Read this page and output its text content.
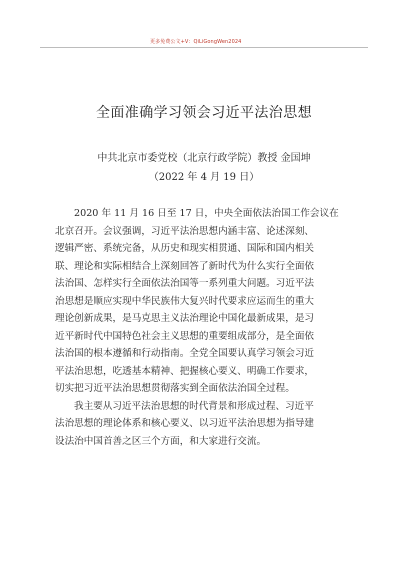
更多免费公文+V：QiLiGongWen2024
全面准确学习领会习近平法治思想
中共北京市委党校（北京行政学院）教授 金国坤
（2022 年 4 月 19 日）
2020 年 11 月 16 日至 17 日，中央全面依法治国工作会议在
北京召开。会议强调，习近平法治思想内涵丰富、论述深刻、
逻辑严密、系统完备，从历史和现实相贯通、国际和国内相关
联、理论和实际相结合上深刻回答了新时代为什么实行全面依
法治国、怎样实行全面依法治国等一系列重大问题。习近平法
治思想是顺应实现中华民族伟大复兴时代要求应运而生的重大
理论创新成果，是马克思主义法治理论中国化最新成果，是习
近平新时代中国特色社会主义思想的重要组成部分，是全面依
法治国的根本遵循和行动指南。全党全国要认真学习领会习近
平法治思想，吃透基本精神、把握核心要义、明确工作要求，
切实把习近平法治思想贯彻落实到全面依法治国全过程。
我主要从习近平法治思想的时代背景和形成过程、习近平
法治思想的理论体系和核心要义、以习近平法治思想为指导建
设法治中国首善之区三个方面，和大家进行交流。
